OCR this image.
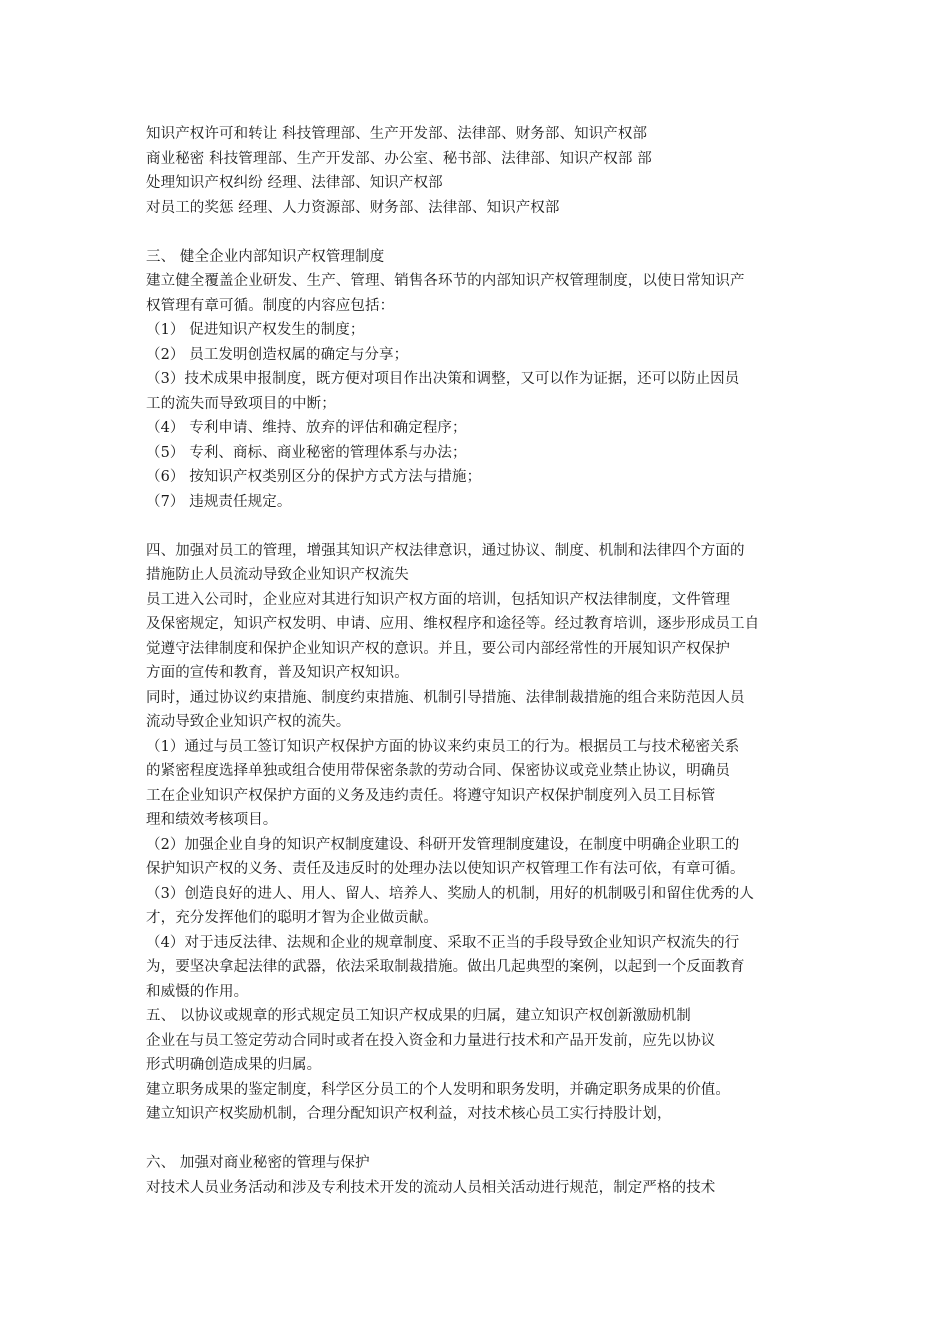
知识产权许可和转让 科技管理部、生产开发部、法律部、财务部、知识产权部
商业秘密 科技管理部、生产开发部、办公室、秘书部、法律部、知识产权部 部
处理知识产权纠纷 经理、法律部、知识产权部
对员工的奖惩 经理、人力资源部、财务部、法律部、知识产权部
三、 健全企业内部知识产权管理制度
建立健全覆盖企业研发、生产、管理、销售各环节的内部知识产权管理制度，以使日常知识产
权管理有章可循。制度的内容应包括：
（1） 促进知识产权发生的制度；
（2） 员工发明创造权属的确定与分享；
（3）技术成果申报制度，既方便对项目作出决策和调整，又可以作为证据，还可以防止因员
工的流失而导致项目的中断；
（4） 专利申请、维持、放弃的评估和确定程序；
（5） 专利、商标、商业秘密的管理体系与办法；
（6） 按知识产权类别区分的保护方式方法与措施；
（7） 违规责任规定。
四、加强对员工的管理，增强其知识产权法律意识，通过协议、制度、机制和法律四个方面的
措施防止人员流动导致企业知识产权流失
员工进入公司时，企业应对其进行知识产权方面的培训，包括知识产权法律制度，文件管理
及保密规定，知识产权发明、申请、应用、维权程序和途径等。经过教育培训，逐步形成员工自
觉遵守法律制度和保护企业知识产权的意识。并且，要公司内部经常性的开展知识产权保护
方面的宣传和教育，普及知识产权知识。
同时，通过协议约束措施、制度约束措施、机制引导措施、法律制裁措施的组合来防范因人员
流动导致企业知识产权的流失。
（1）通过与员工签订知识产权保护方面的协议来约束员工的行为。根据员工与技术秘密关系
的紧密程度选择单独或组合使用带保密条款的劳动合同、保密协议或竞业禁止协议，明确员
工在企业知识产权保护方面的义务及违约责任。将遵守知识产权保护制度列入员工目标管
理和绩效考核项目。
（2）加强企业自身的知识产权制度建设、科研开发管理制度建设，在制度中明确企业职工的
保护知识产权的义务、责任及违反时的处理办法以使知识产权管理工作有法可依，有章可循。
（3）创造良好的进人、用人、留人、培养人、奖励人的机制，用好的机制吸引和留住优秀的人
才，充分发挥他们的聪明才智为企业做贡献。
（4）对于违反法律、法规和企业的规章制度、采取不正当的手段导致企业知识产权流失的行
为，要坚决拿起法律的武器，依法采取制裁措施。做出几起典型的案例，以起到一个反面教育
和威慑的作用。
五、 以协议或规章的形式规定员工知识产权成果的归属，建立知识产权创新激励机制
企业在与员工签定劳动合同时或者在投入资金和力量进行技术和产品开发前，应先以协议
形式明确创造成果的归属。
建立职务成果的鉴定制度，科学区分员工的个人发明和职务发明，并确定职务成果的价值。
建立知识产权奖励机制，合理分配知识产权利益，对技术核心员工实行持股计划，
六、 加强对商业秘密的管理与保护
对技术人员业务活动和涉及专利技术开发的流动人员相关活动进行规范，制定严格的技术
